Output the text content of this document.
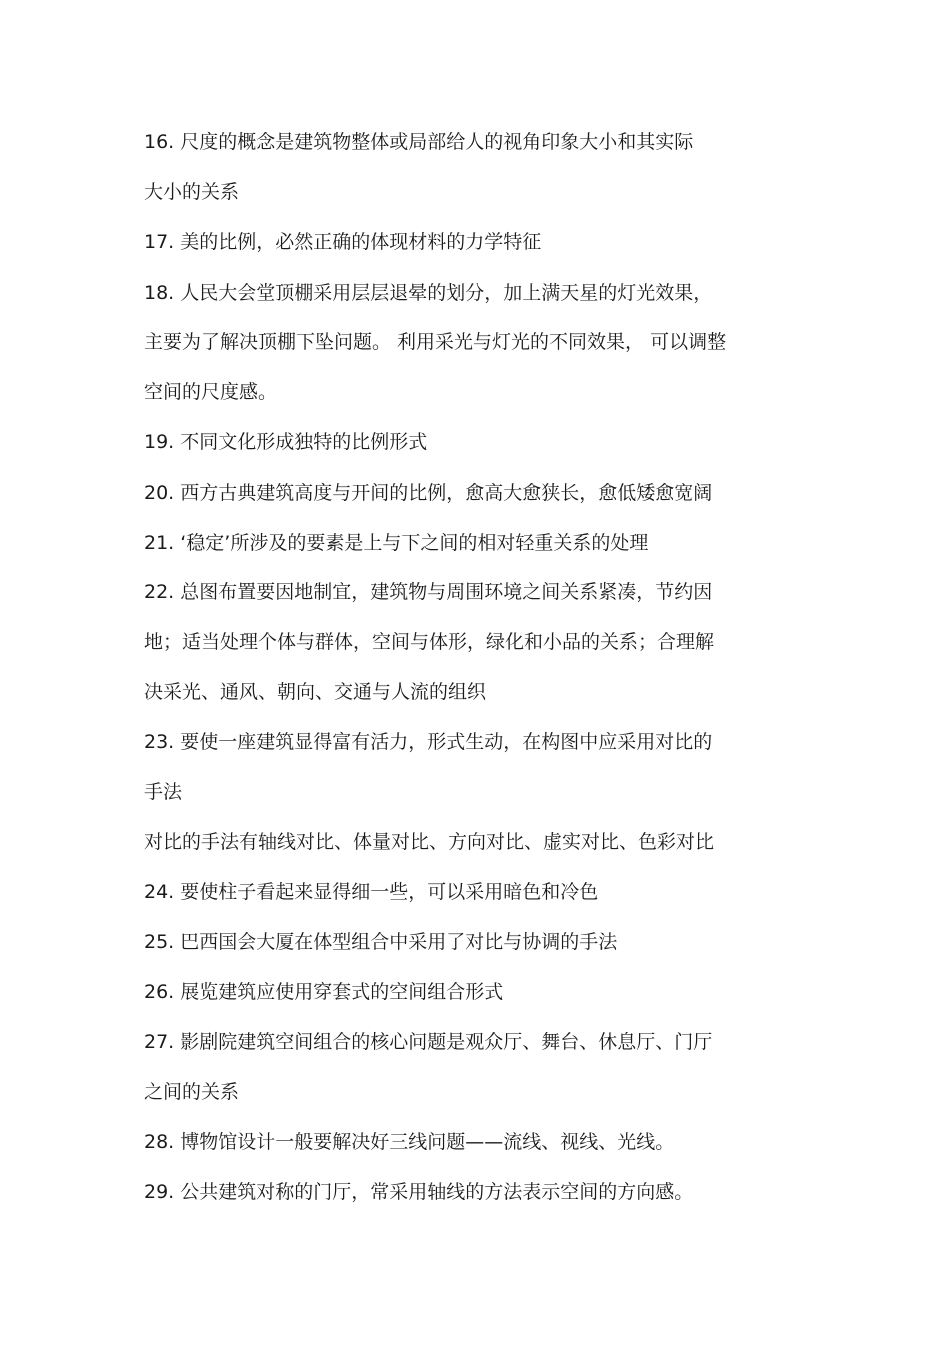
16. 尺度的概念是建筑物整体或局部给人的视角印象大小和其实际
大小的关系
17. 美的比例，必然正确的体现材料的力学特征
18. 人民大会堂顶棚采用层层退晕的划分，加上满天星的灯光效果，
主要为了解决顶棚下坠问题。 利用采光与灯光的不同效果， 可以调整
空间的尺度感。
19. 不同文化形成独特的比例形式
20. 西方古典建筑高度与开间的比例，愈高大愈狭长，愈低矮愈宽阔
21. ‘稳定’所涉及的要素是上与下之间的相对轻重关系的处理
22. 总图布置要因地制宜，建筑物与周围环境之间关系紧凑，节约因
地；适当处理个体与群体，空间与体形，绿化和小品的关系；合理解
决采光、通风、朝向、交通与人流的组织
23. 要使一座建筑显得富有活力，形式生动，在构图中应采用对比的
手法
对比的手法有轴线对比、体量对比、方向对比、虚实对比、色彩对比
24. 要使柱子看起来显得细一些，可以采用暗色和冷色
25. 巴西国会大厦在体型组合中采用了对比与协调的手法
26. 展览建筑应使用穿套式的空间组合形式
27. 影剧院建筑空间组合的核心问题是观众厅、舞台、休息厅、门厅
之间的关系
28. 博物馆设计一般要解决好三线问题——流线、视线、光线。
29. 公共建筑对称的门厅，常采用轴线的方法表示空间的方向感。
